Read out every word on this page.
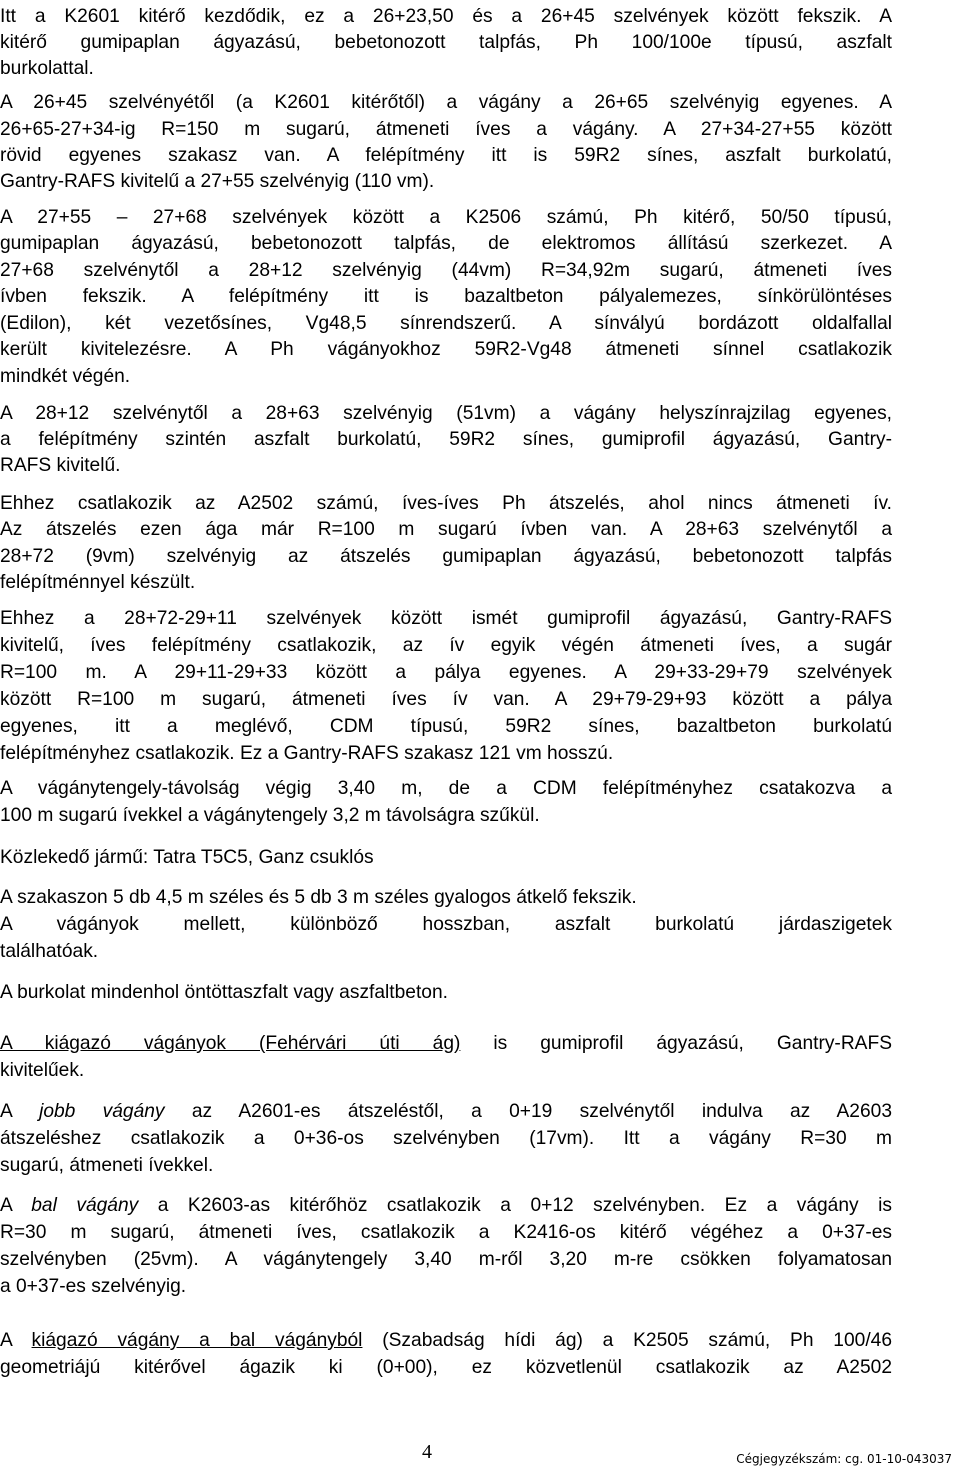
Itt a K2601 kitérő kezdődik, ez a 26+23,50 és a 26+45 szelvények között fekszik. A
kitérő gumipaplan ágyazású, bebetonozott talpfás, Ph 100/100e típusú, aszfalt
burkolattal.
A 26+45 szelvényétől (a K2601 kitérőtől) a vágány a 26+65 szelvényig egyenes. A
26+65-27+34-ig R=150 m sugarú, átmeneti íves a vágány. A 27+34-27+55 között
rövid egyenes szakasz van. A felépítmény itt is 59R2 sínes, aszfalt burkolatú,
Gantry-RAFS kivitelű a 27+55 szelvényig (110 vm).
A 27+55 – 27+68 szelvények között a K2506 számú, Ph kitérő, 50/50 típusú,
gumipaplan ágyazású, bebetonozott talpfás, de elektromos állítású szerkezet. A
27+68 szelvénytől a 28+12 szelvényig (44vm) R=34,92m sugarú, átmeneti íves
ívben fekszik. A felépítmény itt is bazaltbeton pályalemezes, sínkörülöntéses
(Edilon), két vezetősínes, Vg48,5 sínrendszerű. A sínvályú bordázott oldalfallal
került kivitelezésre. A Ph vágányokhoz 59R2-Vg48 átmeneti sínnel csatlakozik
mindkét végén.
A 28+12 szelvénytől a 28+63 szelvényig (51vm) a vágány helyszínrajzilag egyenes,
a felépítmény szintén aszfalt burkolatú, 59R2 sínes, gumiprofil ágyazású, Gantry-
RAFS kivitelű.
Ehhez csatlakozik az A2502 számú, íves-íves Ph átszelés, ahol nincs átmeneti ív.
Az átszelés ezen ága már R=100 m sugarú ívben van. A 28+63 szelvénytől a
28+72 (9vm) szelvényig az átszelés gumipaplan ágyazású, bebetonozott talpfás
felépítménnyel készült.
Ehhez a 28+72-29+11 szelvények között ismét gumiprofil ágyazású, Gantry-RAFS
kivitelű, íves felépítmény csatlakozik, az ív egyik végén átmeneti íves, a sugár
R=100 m. A 29+11-29+33 között a pálya egyenes. A 29+33-29+79 szelvények
között R=100 m sugarú, átmeneti íves ív van. A 29+79-29+93 között a pálya
egyenes, itt a meglévő, CDM típusú, 59R2 sínes, bazaltbeton burkolatú
felépítményhez csatlakozik. Ez a Gantry-RAFS szakasz 121 vm hosszú.
A vágánytengely-távolság végig 3,40 m, de a CDM felépítményhez csatakozva a
100 m sugarú ívekkel a vágánytengely 3,2 m távolságra szűkül.
Közlekedő jármű: Tatra T5C5, Ganz csuklós
A szakaszon 5 db 4,5 m széles és 5 db 3 m széles gyalogos átkelő fekszik.
A vágányok mellett, különböző hosszban, aszfalt burkolatú járdaszigetek
találhatóak.
A burkolat mindenhol öntöttaszfalt vagy aszfaltbeton.
A kiágazó vágányok (Fehérvári úti ág) is gumiprofil ágyazású, Gantry-RAFS
kivitelűek.
A jobb vágány az A2601-es átszeléstől, a 0+19 szelvénytől indulva az A2603
átszeléshez csatlakozik a 0+36-os szelvényben (17vm). Itt a vágány R=30 m
sugarú, átmeneti ívekkel.
A bal vágány a K2603-as kitérőhöz csatlakozik a 0+12 szelvényben. Ez a vágány is
R=30 m sugarú, átmeneti íves, csatlakozik a K2416-os kitérő végéhez a 0+37-es
szelvényben (25vm). A vágánytengely 3,40 m-ről 3,20 m-re csökken folyamatosan
a 0+37-es szelvényig.
A kiágazó vágány a bal vágányból (Szabadság hídi ág) a K2505 számú, Ph 100/46
geometriájú kitérővel ágazik ki (0+00), ez közvetlenül csatlakozik az A2502
4	Cégjegyzékszám: cg. 01-10-043037
